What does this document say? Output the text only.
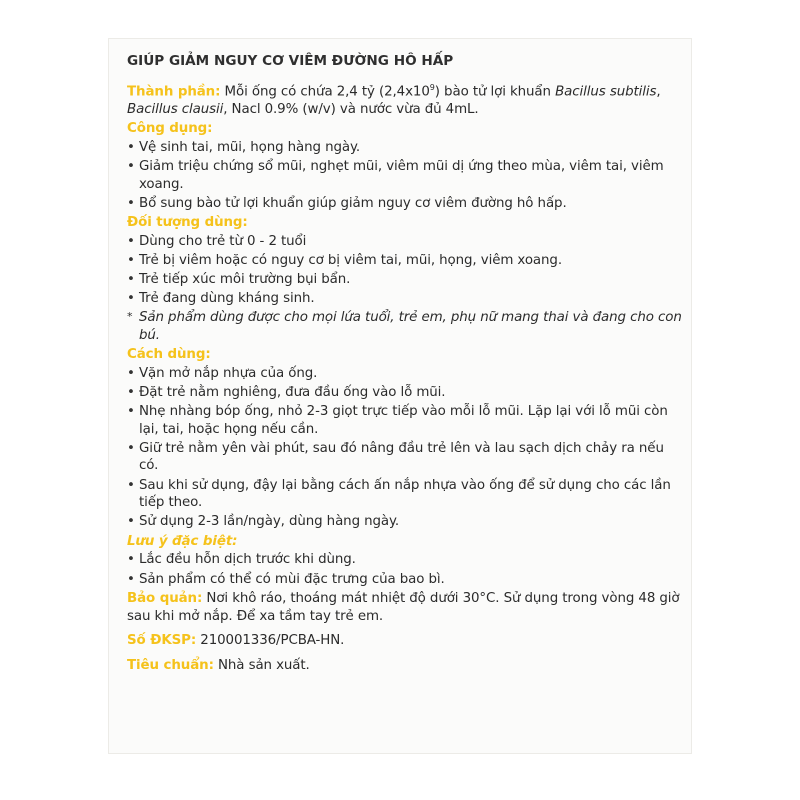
GIÚP GIẢM NGUY CƠ VIÊM ĐƯỜNG HÔ HẤP
Thành phần: Mỗi ống có chứa 2,4 tỷ $(2,4x10^9)$ bào tử lợi khuẩn Bacillus subtilis, Bacillus clausii, Nacl 0.9% (w/v) và nước vừa đủ 4mL.
Công dụng:
• Vệ sinh tai, mũi, họng hàng ngày.
• Giảm triệu chứng sổ mũi, nghẹt mũi, viêm mũi dị ứng theo mùa, viêm tai, viêm xoang.
• Bổ sung bào tử lợi khuẩn giúp giảm nguy cơ viêm đường hô hấp.
Đối tượng dùng:
• Dùng cho trẻ từ 0 - 2 tuổi
• Trẻ bị viêm hoặc có nguy cơ bị viêm tai, mũi, họng, viêm xoang.
• Trẻ tiếp xúc môi trường bụi bẩn.
• Trẻ đang dùng kháng sinh.
* Sản phẩm dùng được cho mọi lứa tuổi, trẻ em, phụ nữ mang thai và đang cho con bú.
Cách dùng:
• Vặn mở nắp nhựa của ống.
• Đặt trẻ nằm nghiêng, đưa đầu ống vào lỗ mũi.
• Nhẹ nhàng bóp ống, nhỏ 2-3 giọt trực tiếp vào mỗi lỗ mũi. Lặp lại với lỗ mũi còn lại, tai, hoặc họng nếu cần.
• Giữ trẻ nằm yên vài phút, sau đó nâng đầu trẻ lên và lau sạch dịch chảy ra nếu có.
• Sau khi sử dụng, đậy lại bằng cách ấn nắp nhựa vào ống để sử dụng cho các lần tiếp theo.
• Sử dụng 2-3 lần/ngày, dùng hàng ngày.
Lưu ý đặc biệt:
• Lắc đều hỗn dịch trước khi dùng.
• Sản phẩm có thể có mùi đặc trưng của bao bì.
Bảo quản: Nơi khô ráo, thoáng mát nhiệt độ dưới 30°C. Sử dụng trong vòng 48 giờ sau khi mở nắp. Để xa tầm tay trẻ em.
Số ĐKSP: 210001336/PCBA-HN.
Tiêu chuẩn: Nhà sản xuất.
